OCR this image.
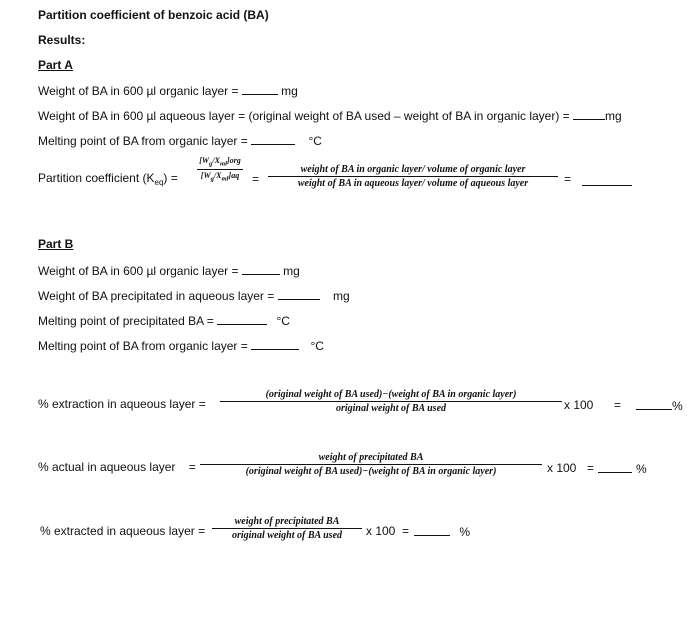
Partition coefficient of benzoic acid (BA)
Results:
Part A
Weight of BA in 600 µl organic layer =	mg
Weight of BA in 600 µl aqueous layer = (original weight of BA used – weight of BA in organic layer) =	mg
Melting point of BA from organic layer =	°C
Partition coefficient $(K_{eq})$ =
$[W_g/X_{ml}]org$
$[W_g/X_{ml}]aq$	=
weight of BA in organic layer/ volume of organic layer
weight of BA in aqueous layer/ volume of aqueous layer	=
Part B
Weight of BA in 600 µl organic layer =	mg
Weight of BA precipitated in aqueous layer =	mg
Melting point of precipitated BA =	°C
Melting point of BA from organic layer =	°C
% extraction in aqueous layer =
(original weight of BA used)−(weight of BA in organic layer)
original weight of BA used	x 100 =	%
% actual in aqueous layer =
weight of precipitated BA
(original weight of BA used)−(weight of BA in organic layer)	x 100 =	%
% extracted in aqueous layer =
weight of precipitated BA
original weight of BA used	x 100 =	%
